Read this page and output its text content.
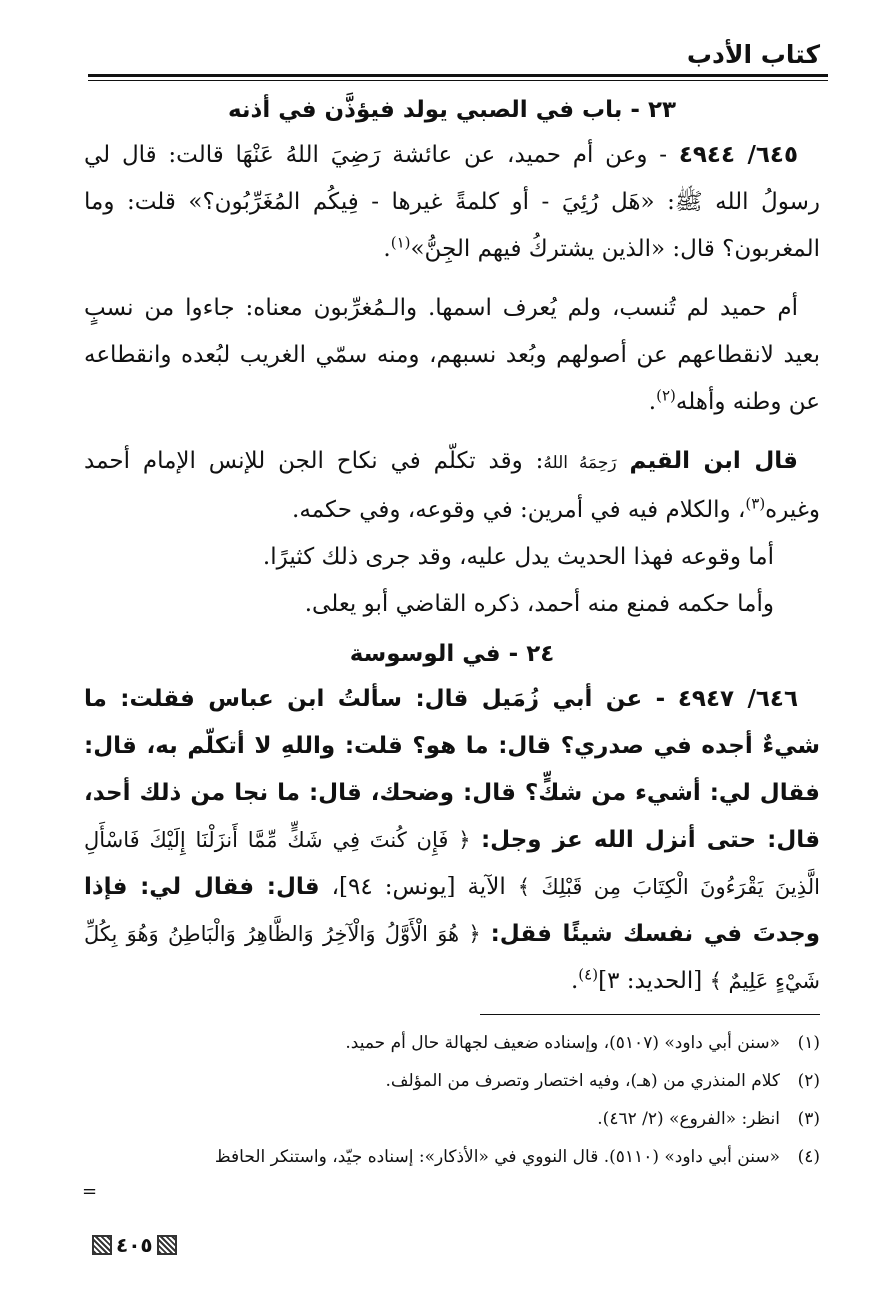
كتاب الأدب
٢٣ - باب في الصبي يولد فيؤذَّن في أذنه

٦٤٥/ ٤٩٤٤ - وعن أم حميد، عن عائشة رَضِيَ اللهُ عَنْهَا قالت: قال لي رسولُ الله ﷺ: «هَل رُئِيَ - أو كلمةً غيرها - فِيكُم المُغَرِّبُون؟» قلت: وما المغربون؟ قال: «الذين يشتركُ فيهم الجِنُّ»$^{(١)}$.

أم حميد لم تُنسب، ولم يُعرف اسمها. والـمُغرِّبون معناه: جاءوا من نسبٍ بعيد لانقطاعهم عن أصولهم وبُعد نسبهم، ومنه سمّي الغريب لبُعده وانقطاعه عن وطنه وأهله$^{(٢)}$.

قال ابن القيم رَحِمَهُ اللهُ: وقد تكلّم في نكاح الجن للإنس الإمام أحمد وغيره$^{(٣)}$، والكلام فيه في أمرين: في وقوعه، وفي حكمه.

أما وقوعه فهذا الحديث يدل عليه، وقد جرى ذلك كثيرًا.

وأما حكمه فمنع منه أحمد، ذكره القاضي أبو يعلى.

٢٤ - في الوسوسة

٦٤٦/ ٤٩٤٧ - عن أبي زُمَيل قال: سألتُ ابن عباس فقلت: ما شيءٌ أجده في صدري؟ قال: ما هو؟ قلت: واللهِ لا أتكلّم به، قال: فقال لي: أشيء من شكٍّ؟ قال: وضحك، قال: ما نجا من ذلك أحد، قال: حتى أنزل الله عز وجل: ﴿ فَإِن كُنتَ فِي شَكٍّ مِّمَّا أَنزَلْنَا إِلَيْكَ فَاسْأَلِ الَّذِينَ يَقْرَءُونَ الْكِتَابَ مِن قَبْلِكَ ﴾ الآية [يونس: ٩٤]، قال: فقال لي: فإذا وجدتَ في نفسك شيئًا فقل: ﴿ هُوَ الْأَوَّلُ وَالْآخِرُ وَالظَّاهِرُ وَالْبَاطِنُ وَهُوَ بِكُلِّ شَيْءٍ عَلِيمٌ ﴾ [الحديد: ٣]$^{(٤)}$.

(١)«سنن أبي داود» (٥١٠٧)، وإسناده ضعيف لجهالة حال أم حميد.

(٢)كلام المنذري من (هـ)، وفيه اختصار وتصرف من المؤلف.

(٣)انظر: «الفروع» (٢/ ٤٦٢).

(٤)«سنن أبي داود» (٥١١٠). قال النووي في «الأذكار»: إسناده جيّد، واستنكر الحافظ

=
٤٠٥
